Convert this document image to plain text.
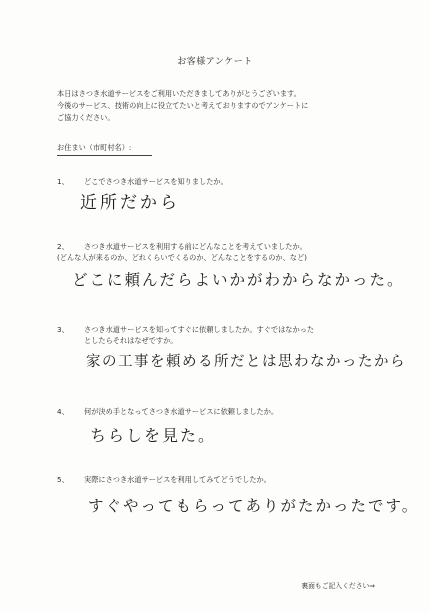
お客様アンケート
本日はさつき水道サービスをご利用いただきましてありがとうございます。
今後のサービス、技術の向上に役立てたいと考えておりますのでアンケートに
ご協力ください。
お住まい（市町村名）:
1、 どこでさつき水道サービスを知りましたか。
近所だから
2、 さつき水道サービスを利用する前にどんなことを考えていましたか。
(どんな人が来るのか、どれくらいでくるのか、どんなことをするのか、など)
どこに頼んだらよいかがわからなかった。
3、 さつき水道サービスを知ってすぐに依頼しましたか。すぐではなかった
としたらそれはなぜですか。
家の工事を頼める所だとは思わなかったから
4、 何が決め手となってさつき水道サービスに依頼しましたか。
ちらしを見た。
5、 実際にさつき水道サービスを利用してみてどうでしたか。
すぐやってもらってありがたかったです。
裏面もご記入ください⇒
